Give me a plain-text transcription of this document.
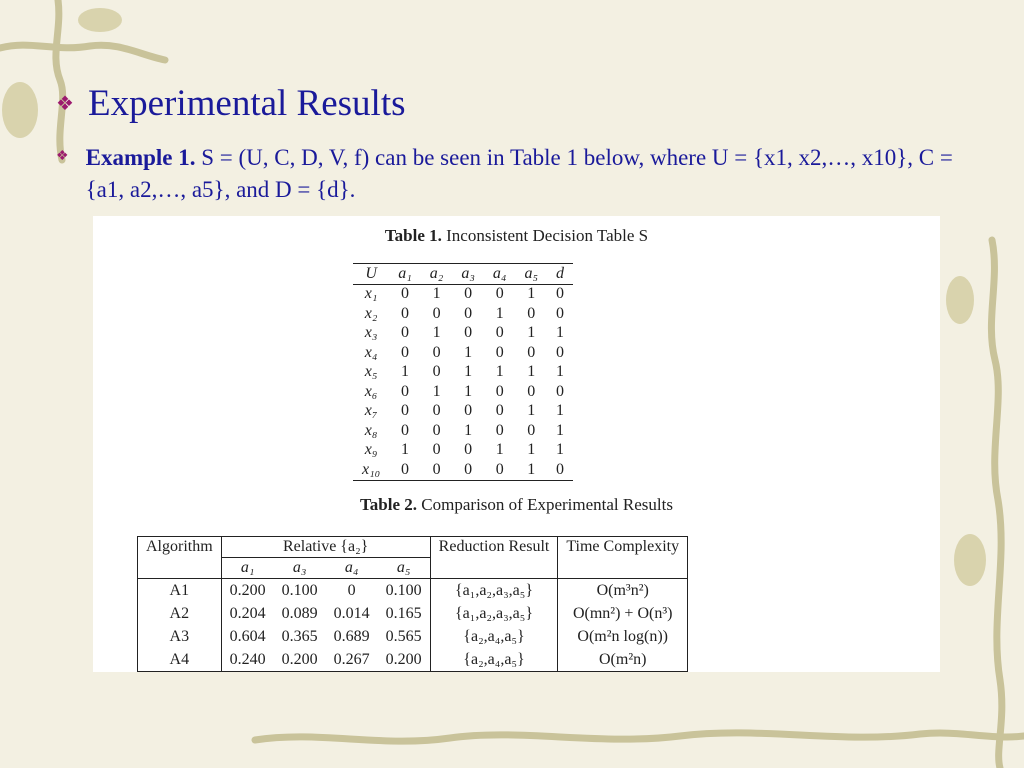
❖ Experimental Results
❖ Example 1. S = (U, C, D, V, f) can be seen in Table 1 below, where U = {x1, x2,…, x10}, C = {a1, a2,…, a5}, and D = {d}.
Table 1. Inconsistent Decision Table S
U	a₁	a₂	a₃	a₄	a₅	d
x₁	0	1	0	0	1	0
x₂	0	0	0	1	0	0
x₃	0	1	0	0	1	1
x₄	0	0	1	0	0	0
x₅	1	0	1	1	1	1
x₆	0	1	1	0	0	0
x₇	0	0	0	0	1	1
x₈	0	0	1	0	0	1
x₉	1	0	0	1	1	1
x₁₀	0	0	0	0	1	0
Table 2. Comparison of Experimental Results
Algorithm	Relative {a₂}				Reduction Result	Time Complexity
	a₁	a₃	a₄	a₅		
A1	0.200	0.100	0	0.100	{a₁,a₂,a₃,a₅}	O(m³n²)
A2	0.204	0.089	0.014	0.165	{a₁,a₂,a₃,a₅}	O(mn²) + O(n³)
A3	0.604	0.365	0.689	0.565	{a₂,a₄,a₅}	O(m²n log(n))
A4	0.240	0.200	0.267	0.200	{a₂,a₄,a₅}	O(m²n)
